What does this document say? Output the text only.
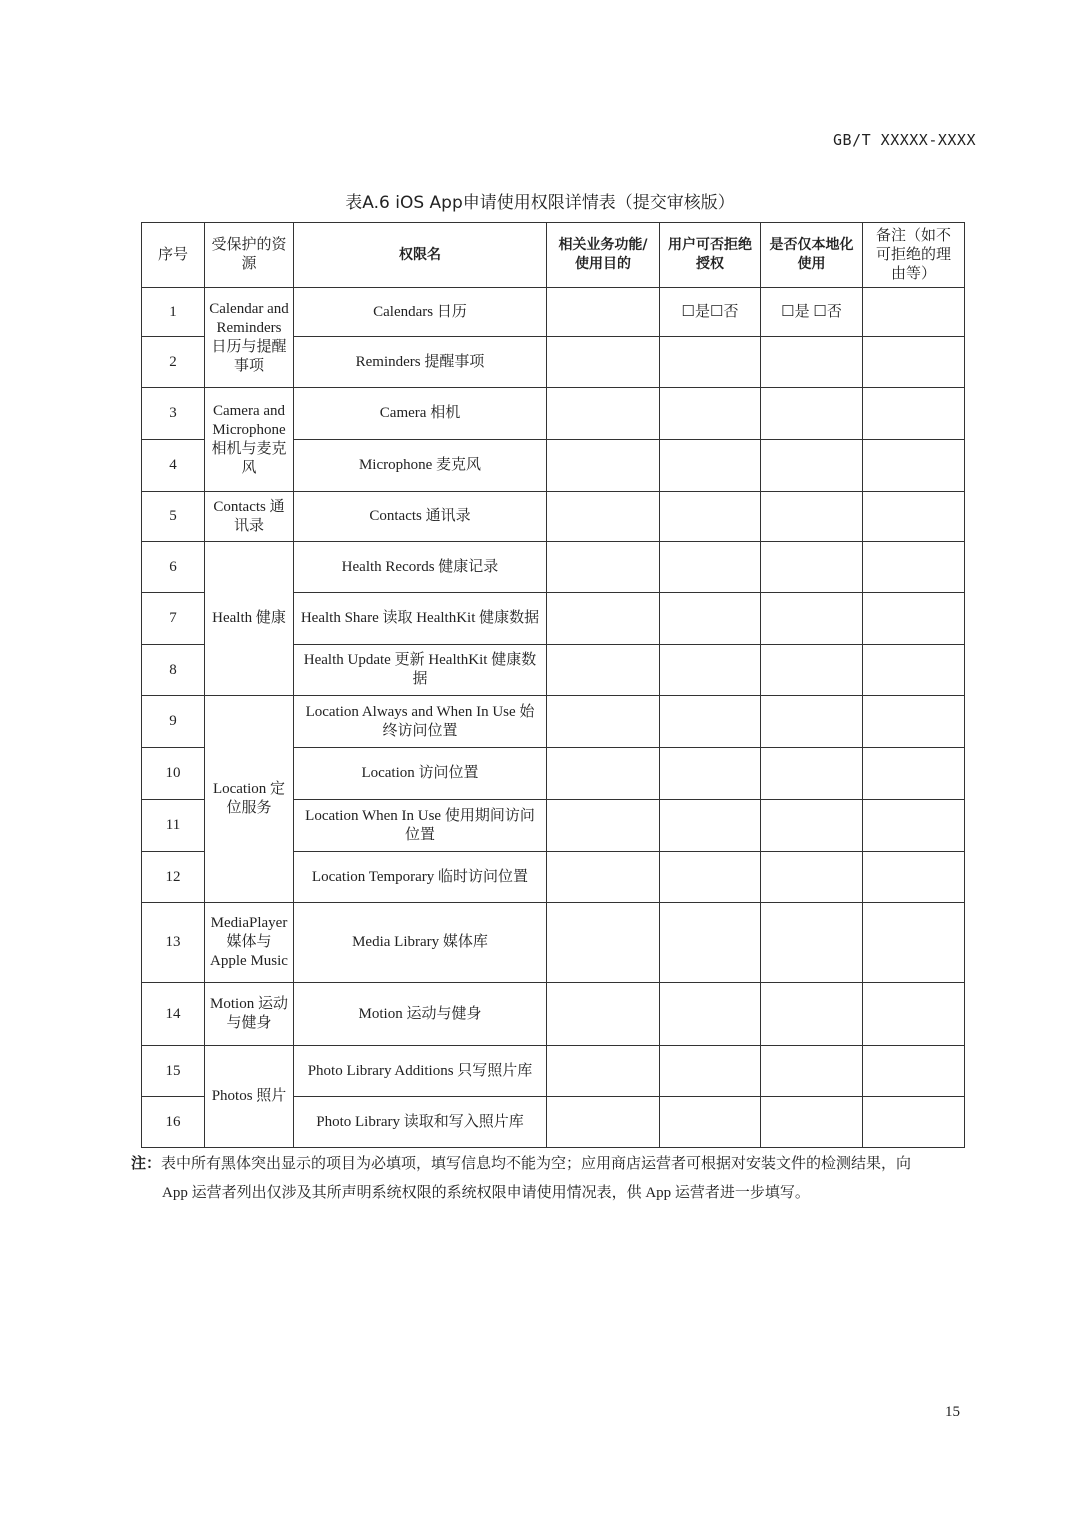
GB/T XXXXX-XXXX
表A.6 iOS App申请使用权限详情表（提交审核版）
序号	受保护的资源	权限名	相关业务功能/使用目的	用户可否拒绝授权	是否仅本地化使用	备注（如不可拒绝的理由等）
1	Calendar and Reminders 日历与提醒事项	Calendars 日历		☐是☐否	☐是 ☐否	
2		Reminders 提醒事项				
3	Camera and Microphone 相机与麦克风	Camera 相机				
4		Microphone 麦克风				
5	Contacts 通讯录	Contacts 通讯录				
6	Health 健康	Health Records 健康记录				
7		Health Share 读取 HealthKit 健康数据				
8		Health Update 更新 HealthKit 健康数据				
9	Location 定位服务	Location Always and When In Use 始终访问位置				
10		Location 访问位置				
11		Location When In Use 使用期间访问位置				
12		Location Temporary 临时访问位置				
13	MediaPlayer 媒体与 Apple Music	Media Library 媒体库				
14	Motion 运动与健身	Motion 运动与健身				
15	Photos 照片	Photo Library Additions 只写照片库				
16		Photo Library 读取和写入照片库				
注：表中所有黑体突出显示的项目为必填项，填写信息均不能为空；应用商店运营者可根据对安装文件的检测结果，向
App 运营者列出仅涉及其所声明系统权限的系统权限申请使用情况表，供 App 运营者进一步填写。
15
